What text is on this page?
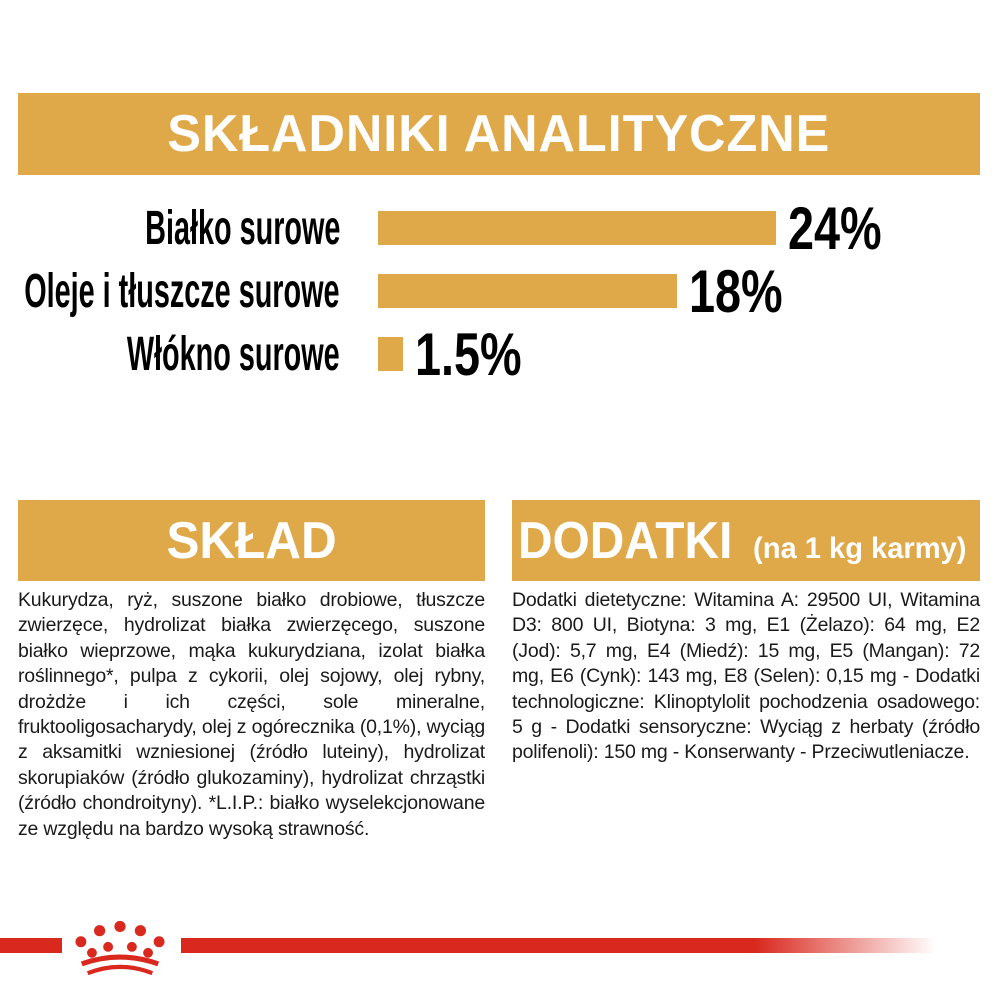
SKŁADNIKI ANALITYCZNE
Białko surowe	24%
Oleje i tłuszcze surowe	18%
Włókno surowe 1.5%
SKŁAD
Kukurydza, ryż, suszone białko drobiowe, tłuszcze zwierzęce, hydrolizat białka zwierzęcego, suszone białko wieprzowe, mąka kukurydziana, izolat białka roślinnego*, pulpa z cykorii, olej sojowy, olej rybny, drożdże i ich części, sole mineralne, fruktooligosacharydy, olej z ogórecznika (0,1%), wyciąg z aksamitki wzniesionej (źródło luteiny), hydrolizat skorupiaków (źródło glukozaminy), hydrolizat chrząstki (źródło chondroityny). *L.I.P.: białko wyselekcjonowane ze względu na bardzo wysoką strawność.
DODATKI (na 1 kg karmy)
Dodatki dietetyczne: Witamina A: 29500 UI, Witamina D3: 800 UI, Biotyna: 3 mg, E1 (Żelazo): 64 mg, E2 (Jod): 5,7 mg, E4 (Miedź): 15 mg, E5 (Mangan): 72 mg, E6 (Cynk): 143 mg, E8 (Selen): 0,15 mg - Dodatki technologiczne: Klinoptylolit pochodzenia osadowego: 5 g - Dodatki sensoryczne: Wyciąg z herbaty (źródło polifenoli): 150 mg - Konserwanty - Przeciwutleniacze.
